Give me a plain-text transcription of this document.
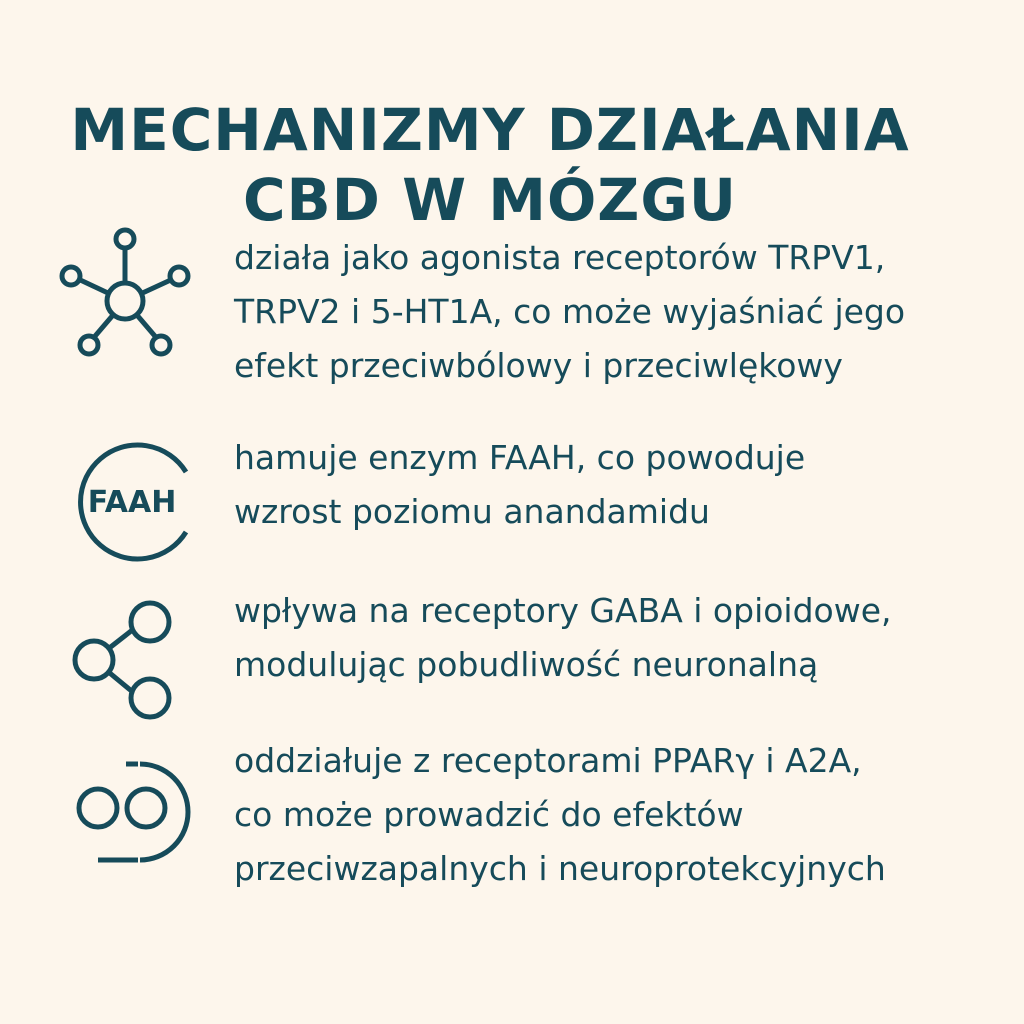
MECHANIZMY DZIAŁANIA
CBD W MÓZGU
działa jako agonista receptorów TRPV1,
TRPV2 i 5-HT1A, co może wyjaśniać jego
efekt przeciwbólowy i przeciwlękowy
FAAH
hamuje enzym FAAH, co powoduje
wzrost poziomu anandamidu
wpływa na receptory GABA i opioidowe,
modulując pobudliwość neuronalną
oddziałuje z receptorami PPARγ i A2A,
co może prowadzić do efektów
przeciwzapalnych i neuroprotekcyjnych
